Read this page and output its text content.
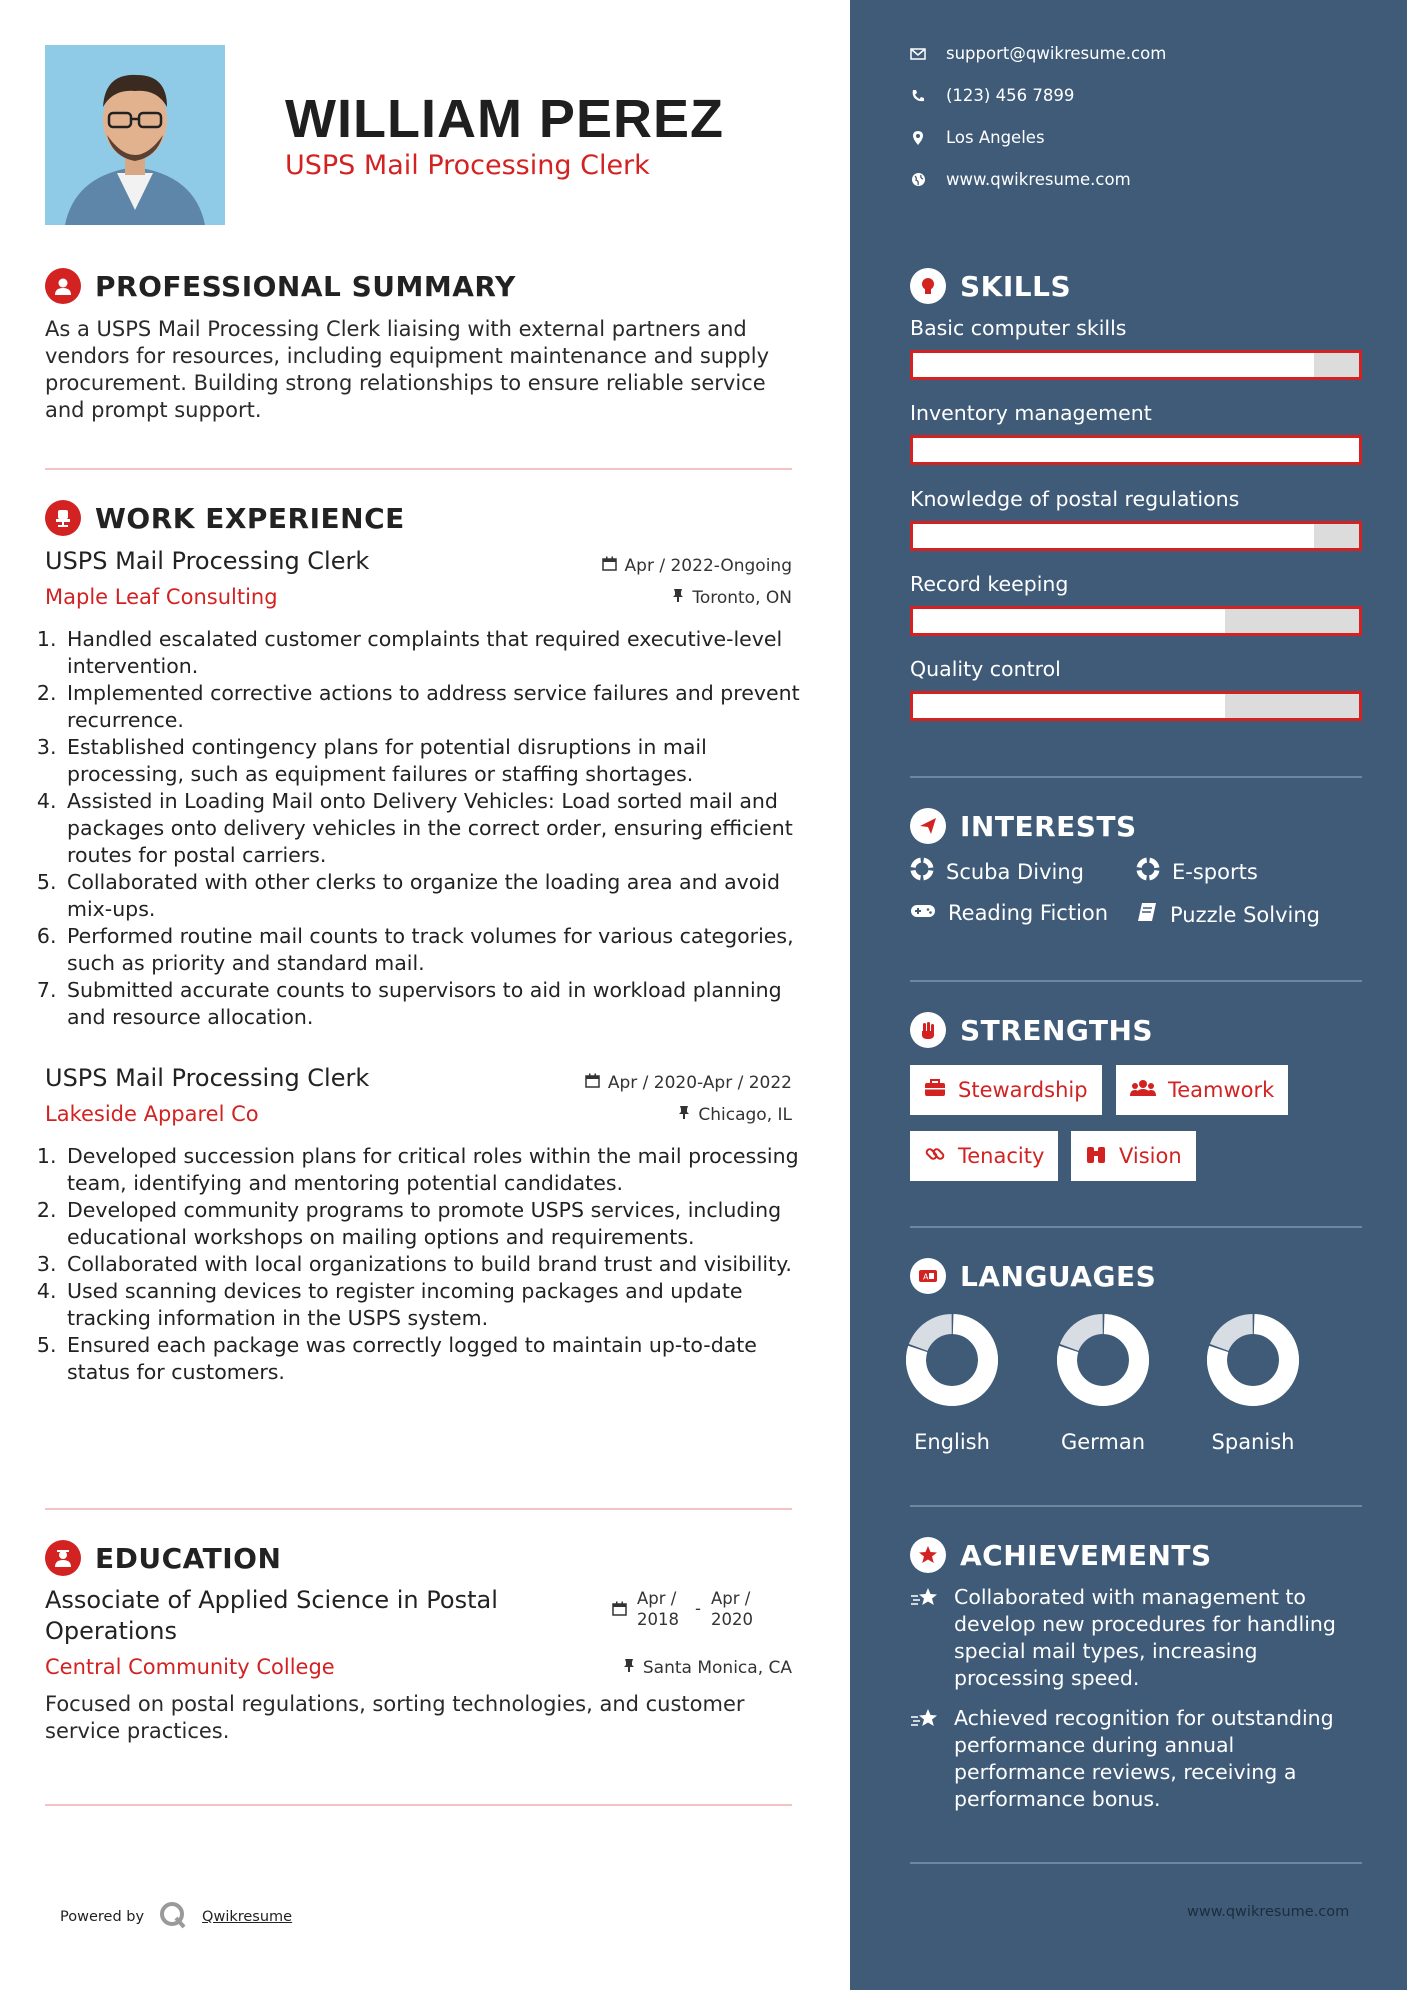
WILLIAM PEREZ
USPS Mail Processing Clerk
PROFESSIONAL SUMMARY
As a USPS Mail Processing Clerk liaising with external partners and vendors for resources, including equipment maintenance and supply procurement. Building strong relationships to ensure reliable service and prompt support.
WORK EXPERIENCE
USPS Mail Processing Clerk	Apr / 2022-Ongoing
Maple Leaf Consulting	Toronto, ON
1. Handled escalated customer complaints that required executive-level intervention.
2. Implemented corrective actions to address service failures and prevent recurrence.
3. Established contingency plans for potential disruptions in mail processing, such as equipment failures or staffing shortages.
4. Assisted in Loading Mail onto Delivery Vehicles: Load sorted mail and packages onto delivery vehicles in the correct order, ensuring efficient routes for postal carriers.
5. Collaborated with other clerks to organize the loading area and avoid mix-ups.
6. Performed routine mail counts to track volumes for various categories, such as priority and standard mail.
7. Submitted accurate counts to supervisors to aid in workload planning and resource allocation.
USPS Mail Processing Clerk	Apr / 2020-Apr / 2022
Lakeside Apparel Co	Chicago, IL
1. Developed succession plans for critical roles within the mail processing team, identifying and mentoring potential candidates.
2. Developed community programs to promote USPS services, including educational workshops on mailing options and requirements.
3. Collaborated with local organizations to build brand trust and visibility.
4. Used scanning devices to register incoming packages and update tracking information in the USPS system.
5. Ensured each package was correctly logged to maintain up-to-date status for customers.
EDUCATION
Associate of Applied Science in Postal Operations
Apr / 2018
-
Apr / 2020
Central Community College	Santa Monica, CA
Focused on postal regulations, sorting technologies, and customer service practices.
Powered by	Qwikresume
support@qwikresume.com
(123) 456 7899
Los Angeles
www.qwikresume.com
SKILLS
Basic computer skills
Inventory management
Knowledge of postal regulations
Record keeping
Quality control
INTERESTS
Scuba Diving	E-sports
Reading Fiction	Puzzle Solving
STRENGTHS
Stewardship	Teamwork
Tenacity	Vision
A LANGUAGES
English	German	Spanish
ACHIEVEMENTS
Collaborated with management to develop new procedures for handling special mail types, increasing processing speed.
Achieved recognition for outstanding performance during annual performance reviews, receiving a performance bonus.
www.qwikresume.com
